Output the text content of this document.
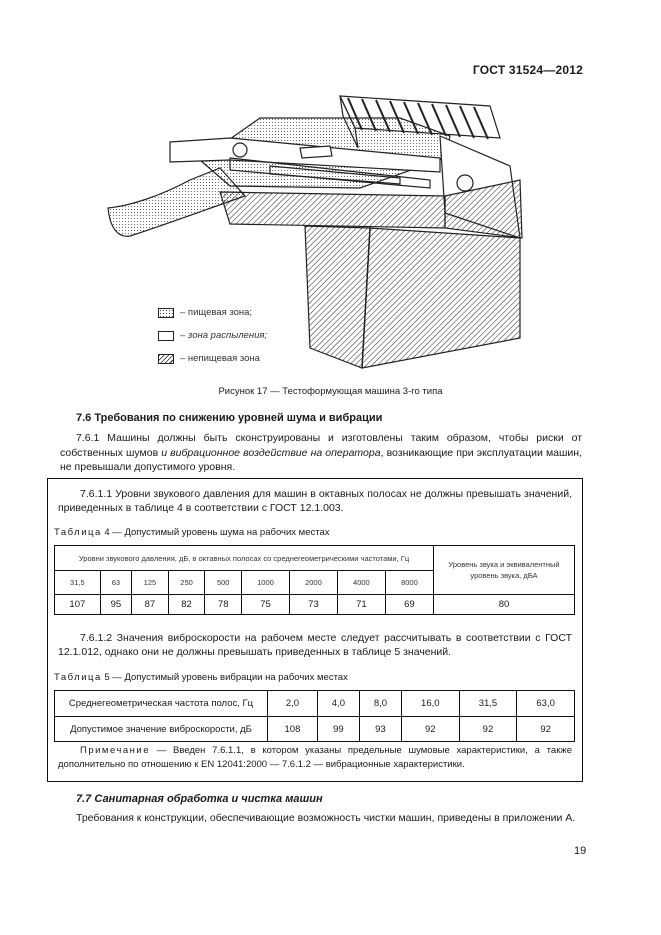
ГОСТ 31524—2012
– пищевая зона;
– зона распыления;
– непищевая зона
Рисунок 17 — Тестоформующая машина 3-го типа
7.6 Требования по снижению уровней шума и вибрации
7.6.1 Машины должны быть сконструированы и изготовлены таким образом, чтобы риски от собственных шумов и вибрационное воздействие на оператора, возникающие при эксплуатации машин, не превышали допустимого уровня.
7.6.1.1 Уровни звукового давления для машин в октавных полосах не должны превышать значений, приведенных в таблице 4 в соответствии с ГОСТ 12.1.003.
Таблица 4 — Допустимый уровень шума на рабочих местах
Уровни звукового давления, дБ, в октавных полосах со среднегеометрическими частотами, Гц									Уровень звука и эквивалентный уровень звука, дБА
31,5	63	125	250	500	1000	2000	4000	8000	
107	95	87	82	78	75	73	71	69	80
7.6.1.2 Значения виброскорости на рабочем месте следует рассчитывать в соответствии с ГОСТ 12.1.012, однако они не должны превышать приведенных в таблице 5 значений.
Таблица 5 — Допустимый уровень вибрации на рабочих местах
Среднегеометрическая частота полос, Гц	2,0	4,0	8,0	16,0	31,5	63,0
Допустимое значение виброскорости, дБ	108	99	93	92	92	92
Примечание — Введен 7.6.1.1, в котором указаны предельные шумовые характеристики, а также дополнительно по отношению к EN 12041:2000 — 7.6.1.2 — вибрационные характеристики.
7.7 Санитарная обработка и чистка машин
Требования к конструкции, обеспечивающие возможность чистки машин, приведены в приложении А.
19
